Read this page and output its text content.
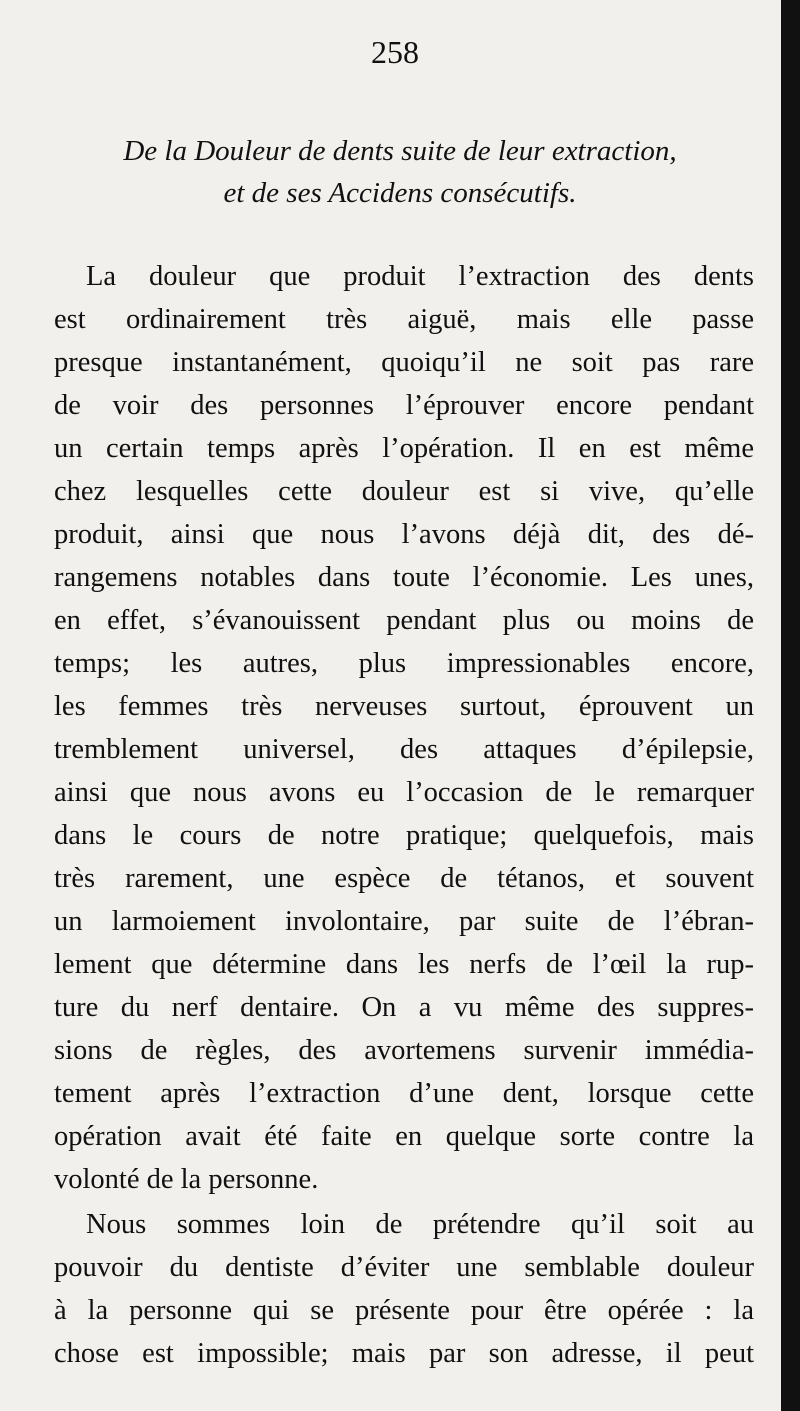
258
De la Douleur de dents suite de leur extraction,
et de ses Accidens consécutifs.
La douleur que produit l’extraction des dents
est ordinairement très aiguë, mais elle passe
presque instantanément, quoiqu’il ne soit pas rare
de voir des personnes l’éprouver encore pendant
un certain temps après l’opération. Il en est même
chez lesquelles cette douleur est si vive, qu’elle
produit, ainsi que nous l’avons déjà dit, des dé-
rangemens notables dans toute l’économie. Les unes,
en effet, s’évanouissent pendant plus ou moins de
temps; les autres, plus impressionables encore,
les femmes très nerveuses surtout, éprouvent un
tremblement universel, des attaques d’épilepsie,
ainsi que nous avons eu l’occasion de le remarquer
dans le cours de notre pratique; quelquefois, mais
très rarement, une espèce de tétanos, et souvent
un larmoiement involontaire, par suite de l’ébran-
lement que détermine dans les nerfs de l’œil la rup-
ture du nerf dentaire. On a vu même des suppres-
sions de règles, des avortemens survenir immédia-
tement après l’extraction d’une dent, lorsque cette
opération avait été faite en quelque sorte contre la
volonté de la personne.
Nous sommes loin de prétendre qu’il soit au
pouvoir du dentiste d’éviter une semblable douleur
à la personne qui se présente pour être opérée : la
chose est impossible; mais par son adresse, il peut
